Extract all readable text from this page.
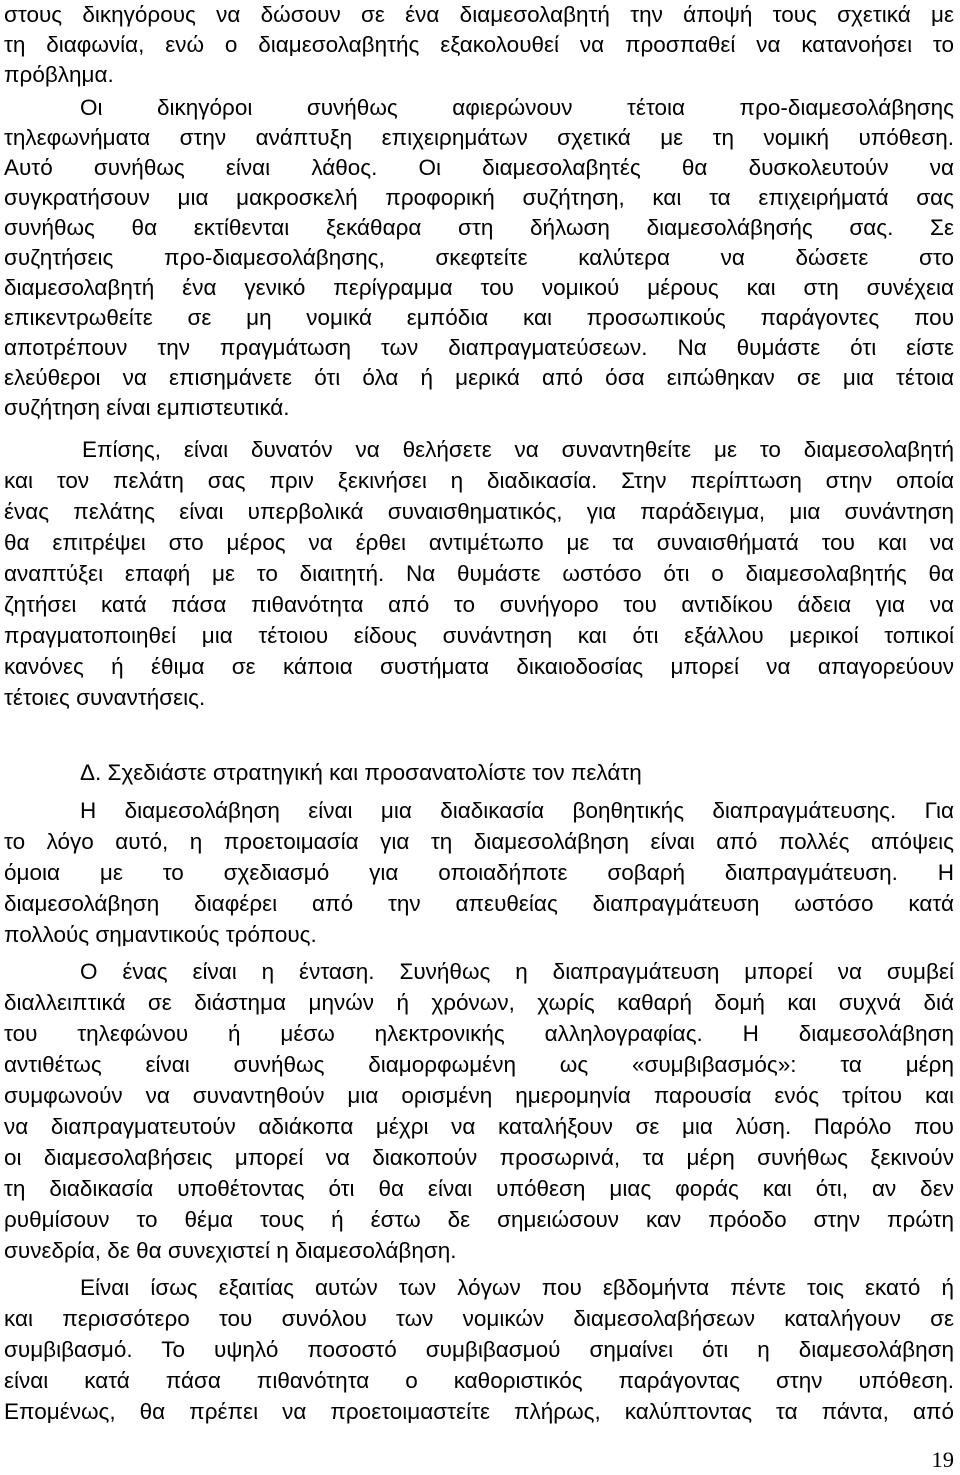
στους δικηγόρους να δώσουν σε ένα διαμεσολαβητή την άποψή τους σχετικά με
τη διαφωνία, ενώ ο διαμεσολαβητής εξακολουθεί να προσπαθεί να κατανοήσει το
πρόβλημα.
Οι δικηγόροι συνήθως αφιερώνουν τέτοια προ-διαμεσολάβησης
τηλεφωνήματα στην ανάπτυξη επιχειρημάτων σχετικά με τη νομική υπόθεση.
Αυτό συνήθως είναι λάθος. Οι διαμεσολαβητές θα δυσκολευτούν να
συγκρατήσουν μια μακροσκελή προφορική συζήτηση, και τα επιχειρήματά σας
συνήθως θα εκτίθενται ξεκάθαρα στη δήλωση διαμεσολάβησής σας. Σε
συζητήσεις προ-διαμεσολάβησης, σκεφτείτε καλύτερα να δώσετε στο
διαμεσολαβητή ένα γενικό περίγραμμα του νομικού μέρους και στη συνέχεια
επικεντρωθείτε σε μη νομικά εμπόδια και προσωπικούς παράγοντες που
αποτρέπουν την πραγμάτωση των διαπραγματεύσεων. Να θυμάστε ότι είστε
ελεύθεροι να επισημάνετε ότι όλα ή μερικά από όσα ειπώθηκαν σε μια τέτοια
συζήτηση είναι εμπιστευτικά.
Επίσης, είναι δυνατόν να θελήσετε να συναντηθείτε με το διαμεσολαβητή
και τον πελάτη σας πριν ξεκινήσει η διαδικασία. Στην περίπτωση στην οποία
ένας πελάτης είναι υπερβολικά συναισθηματικός, για παράδειγμα, μια συνάντηση
θα επιτρέψει στο μέρος να έρθει αντιμέτωπο με τα συναισθήματά του και να
αναπτύξει επαφή με το διαιτητή. Να θυμάστε ωστόσο ότι ο διαμεσολαβητής θα
ζητήσει κατά πάσα πιθανότητα από το συνήγορο του αντιδίκου άδεια για να
πραγματοποιηθεί μια τέτοιου είδους συνάντηση και ότι εξάλλου μερικοί τοπικοί
κανόνες ή έθιμα σε κάποια συστήματα δικαιοδοσίας μπορεί να απαγορεύουν
τέτοιες συναντήσεις.
Δ. Σχεδιάστε στρατηγική και προσανατολίστε τον πελάτη
Η διαμεσολάβηση είναι μια διαδικασία βοηθητικής διαπραγμάτευσης. Για
το λόγο αυτό, η προετοιμασία για τη διαμεσολάβηση είναι από πολλές απόψεις
όμοια με το σχεδιασμό για οποιαδήποτε σοβαρή διαπραγμάτευση. Η
διαμεσολάβηση διαφέρει από την απευθείας διαπραγμάτευση ωστόσο κατά
πολλούς σημαντικούς τρόπους.
Ο ένας είναι η ένταση. Συνήθως η διαπραγμάτευση μπορεί να συμβεί
διαλλειπτικά σε διάστημα μηνών ή χρόνων, χωρίς καθαρή δομή και συχνά διά
του τηλεφώνου ή μέσω ηλεκτρονικής αλληλογραφίας. Η διαμεσολάβηση
αντιθέτως είναι συνήθως διαμορφωμένη ως «συμβιβασμός»: τα μέρη
συμφωνούν να συναντηθούν μια ορισμένη ημερομηνία παρουσία ενός τρίτου και
να διαπραγματευτούν αδιάκοπα μέχρι να καταλήξουν σε μια λύση. Παρόλο που
οι διαμεσολαβήσεις μπορεί να διακοπούν προσωρινά, τα μέρη συνήθως ξεκινούν
τη διαδικασία υποθέτοντας ότι θα είναι υπόθεση μιας φοράς και ότι, αν δεν
ρυθμίσουν το θέμα τους ή έστω δε σημειώσουν καν πρόοδο στην πρώτη
συνεδρία, δε θα συνεχιστεί η διαμεσολάβηση.
Είναι ίσως εξαιτίας αυτών των λόγων που εβδομήντα πέντε τοις εκατό ή
και περισσότερο του συνόλου των νομικών διαμεσολαβήσεων καταλήγουν σε
συμβιβασμό. Το υψηλό ποσοστό συμβιβασμού σημαίνει ότι η διαμεσολάβηση
είναι κατά πάσα πιθανότητα ο καθοριστικός παράγοντας στην υπόθεση.
Επομένως, θα πρέπει να προετοιμαστείτε πλήρως, καλύπτοντας τα πάντα, από
19
